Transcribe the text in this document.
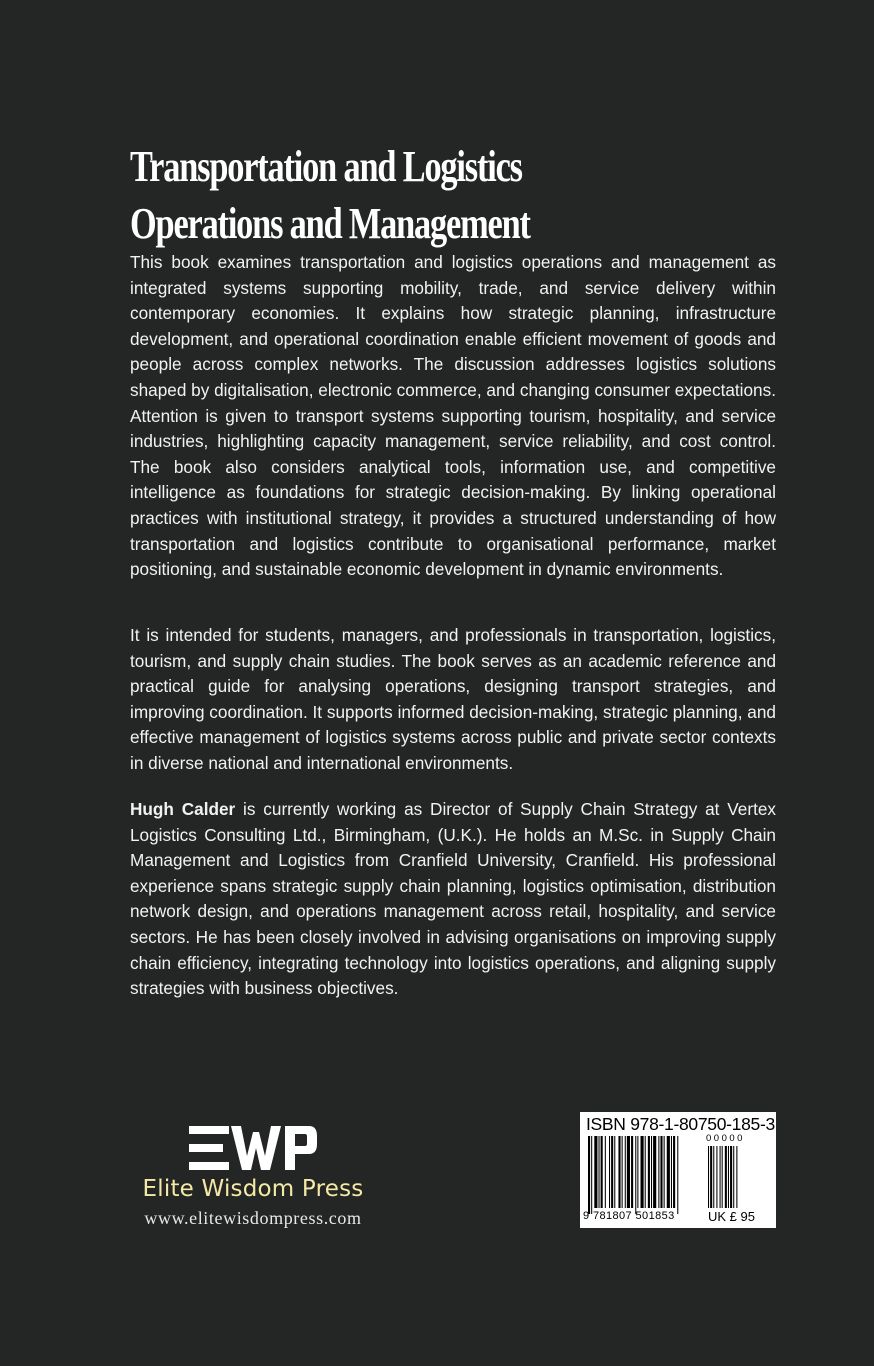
Transportation and Logistics
Operations and Management

This book examines transportation and logistics operations and management as integrated systems supporting mobility, trade, and service delivery within contemporary economies. It explains how strategic planning, infrastructure development, and operational coordination enable efficient movement of goods and people across complex networks. The discussion addresses logistics solutions shaped by digitalisation, electronic commerce, and changing consumer expectations. Attention is given to transport systems supporting tourism, hospitality, and service industries, highlighting capacity management, service reliability, and cost control. The book also considers analytical tools, information use, and competitive intelligence as foundations for strategic decision-making. By linking operational practices with institutional strategy, it provides a structured understanding of how transportation and logistics contribute to organisational performance, market positioning, and sustainable economic development in dynamic environments.

It is intended for students, managers, and professionals in transportation, logistics, tourism, and supply chain studies. The book serves as an academic reference and practical guide for analysing operations, designing transport strategies, and improving coordination. It supports informed decision-making, strategic planning, and effective management of logistics systems across public and private sector contexts in diverse national and international environments.

Hugh Calder is currently working as Director of Supply Chain Strategy at Vertex Logistics Consulting Ltd., Birmingham, (U.K.). He holds an M.Sc. in Supply Chain Management and Logistics from Cranfield University, Cranfield. His professional experience spans strategic supply chain planning, logistics optimisation, distribution network design, and operations management across retail, hospitality, and service sectors. He has been closely involved in advising organisations on improving supply chain efficiency, integrating technology into logistics operations, and aligning supply strategies with business objectives.

Elite Wisdom Press
www.elitewisdompress.com
ISBN 978-1-80750-185-3
00000
9 781807 501853	UK £ 95
